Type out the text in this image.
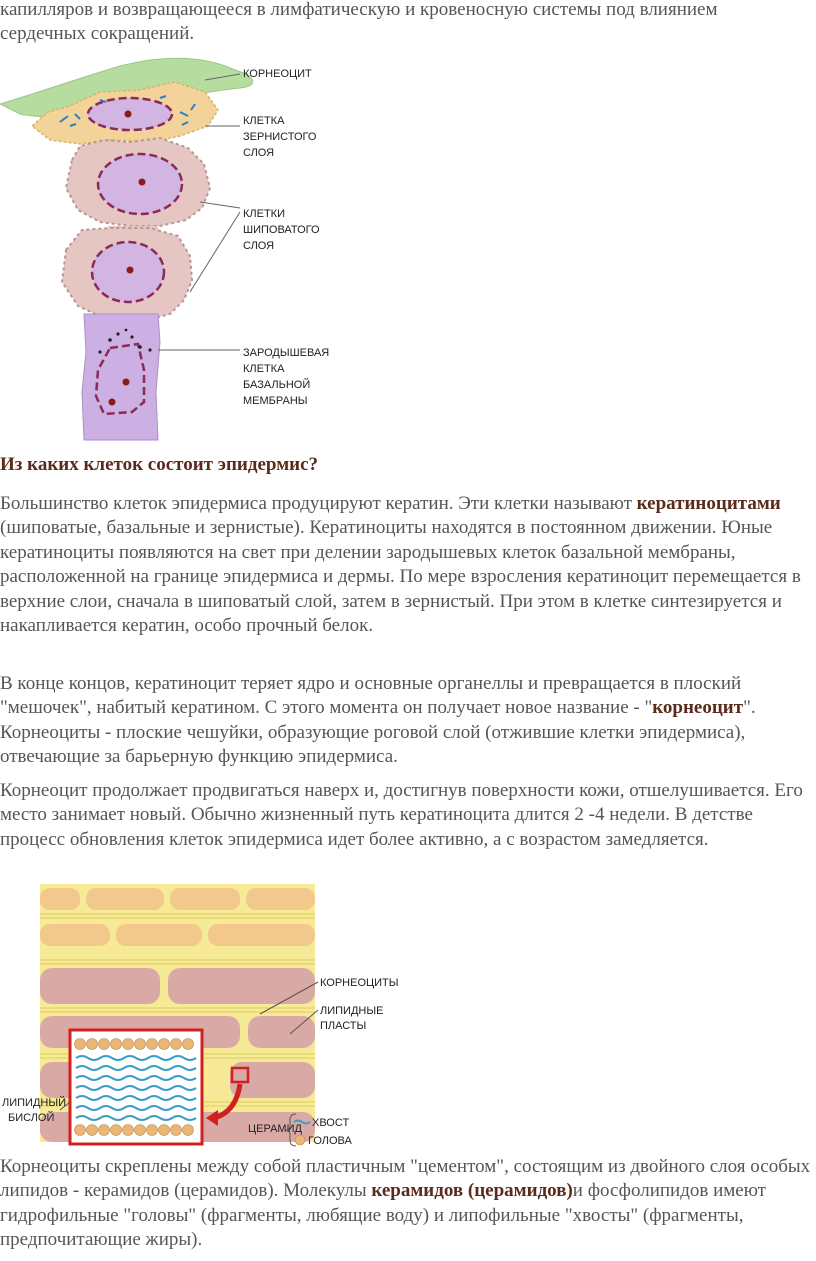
капилляров и возвращающееся в лимфатическую и кровеносную системы под влиянием
сердечных сокращений.

КОРНЕОЦИТ
КЛЕТКА
ЗЕРНИСТОГО
СЛОЯ
КЛЕТКИ
ШИПОВАТОГО
СЛОЯ
ЗАРОДЫШЕВАЯ
КЛЕТКА
БАЗАЛЬНОЙ
МЕМБРАНЫ
Из каких клеток состоит эпидермис?

Большинство клеток эпидермиса продуцируют кератин. Эти клетки называют кератиноцитами (шиповатые, базальные и зернистые). Кератиноциты находятся в постоянном движении. Юные кератиноциты появляются на свет при делении зародышевых клеток базальной мембраны, расположенной на границе эпидермиса и дермы. По мере взросления кератиноцит перемещается в верхние слои, сначала в шиповатый слой, затем в зернистый. При этом в клетке синтезируется и накапливается кератин, особо прочный белок.

В конце концов, кератиноцит теряет ядро и основные органеллы и превращается в плоский "мешочек", набитый кератином. С этого момента он получает новое название - "корнеоцит". Корнеоциты - плоские чешуйки, образующие роговой слой (отжившие клетки эпидермиса), отвечающие за барьерную функцию эпидермиса.

Корнеоцит продолжает продвигаться наверх и, достигнув поверхности кожи, отшелушивается. Его место занимает новый. Обычно жизненный путь кератиноцита длится 2 -4 недели. В детстве процесс обновления клеток эпидермиса идет более активно, а с возрастом замедляется.

КОРНЕОЦИТЫ
ЛИПИДНЫЕ
ПЛАСТЫ
ЛИПИДНЫЙ
БИСЛОЙ
ЦЕРАМИД ХВОСТ
ГОЛОВА

Корнеоциты скреплены между собой пластичным "цементом", состоящим из двойного слоя особых липидов - керамидов (церамидов). Молекулы керамидов (церамидов)и фосфолипидов имеют гидрофильные "головы" (фрагменты, любящие воду) и липофильные "хвосты" (фрагменты, предпочитающие жиры).
